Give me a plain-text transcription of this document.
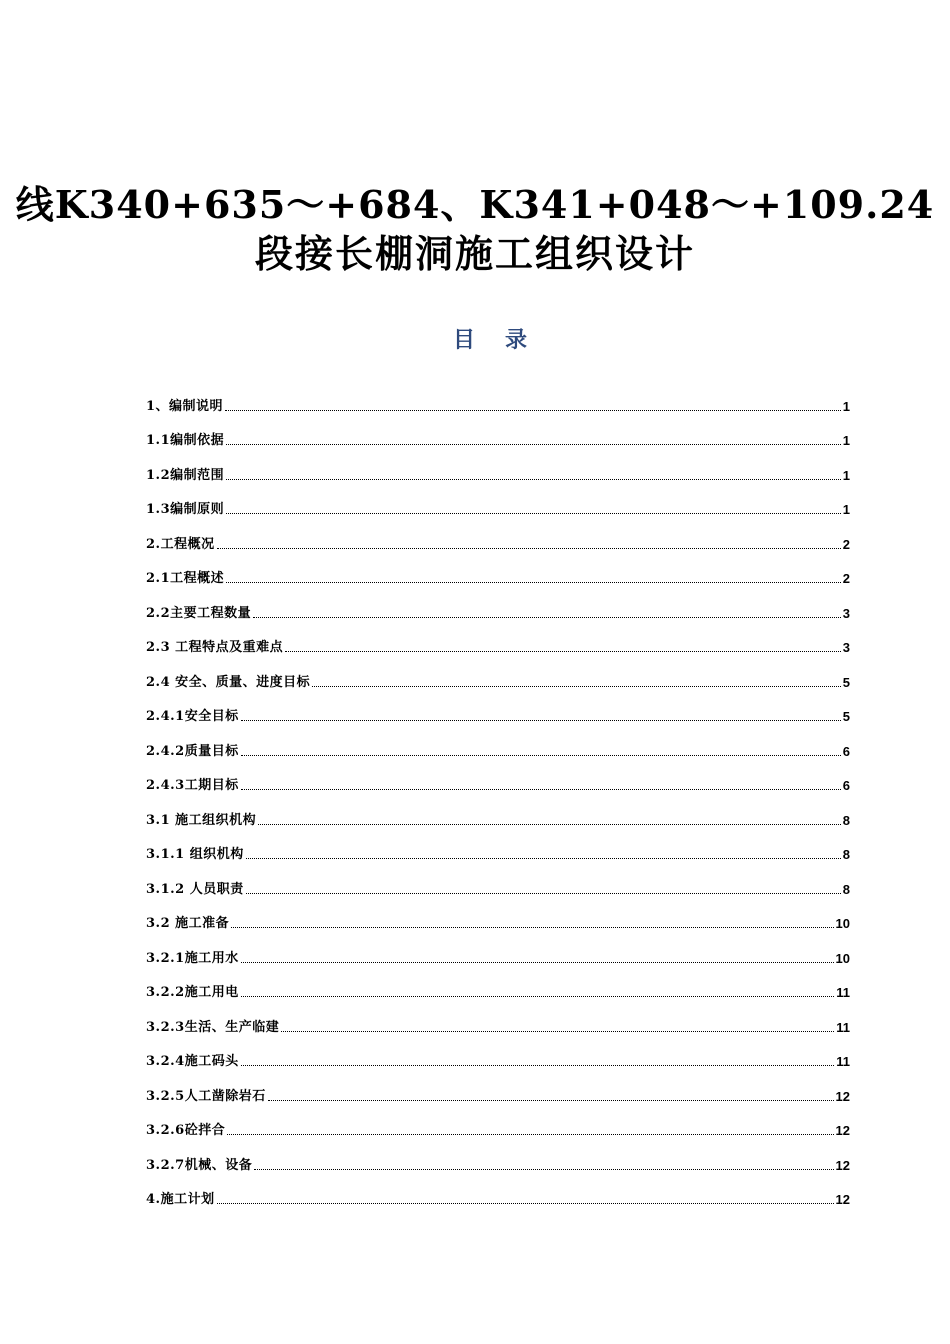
线K340+635～+684、K341+048～+109.24
段接长棚洞施工组织设计
目录
1、编制说明	1
1.1编制依据	1
1.2编制范围	1
1.3编制原则	1
2.工程概况	2
2.1工程概述	2
2.2主要工程数量	3
2.3 工程特点及重难点	3
2.4 安全、质量、进度目标	5
2.4.1安全目标	5
2.4.2质量目标	6
2.4.3工期目标	6
3.1 施工组织机构	8
3.1.1 组织机构	8
3.1.2 人员职责	8
3.2 施工准备	10
3.2.1施工用水	10
3.2.2施工用电	11
3.2.3生活、生产临建	11
3.2.4施工码头	11
3.2.5人工凿除岩石	12
3.2.6砼拌合	12
3.2.7机械、设备	12
4.施工计划	12
